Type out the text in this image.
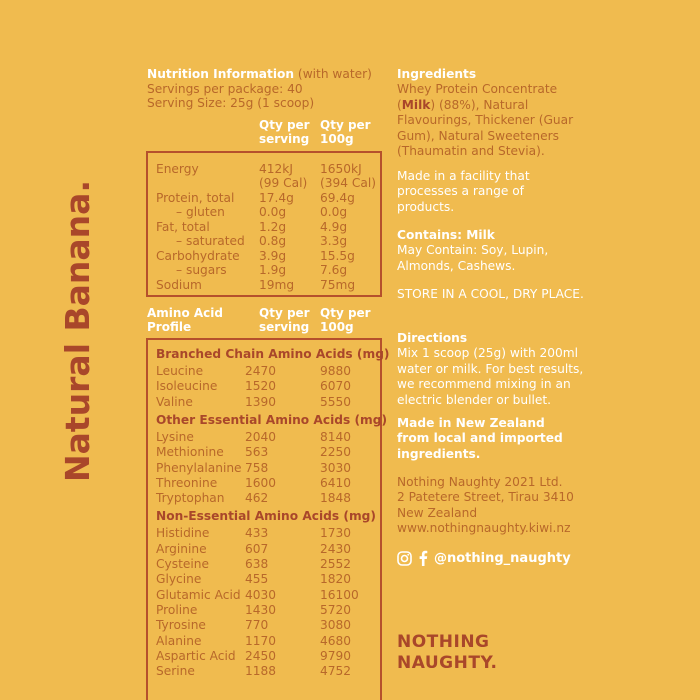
Natural Banana.
Nutrition Information (with water)
Servings per package: 40
Serving Size: 25g (1 scoop)
Qty per
serving
Qty per
100g
Energy	412kJ 1650kJ
(99 Cal) (394 Cal)
Protein, total 17.4g 69.4g
– gluten	0.0g	0.0g
Fat, total	1.2g	4.9g
– saturated 0.8g	3.3g
Carbohydrate 3.9g	15.5g
– sugars	1.9g	7.6g
Sodium	19mg 75mg
Amino Acid
Profile
Qty per
serving
Qty per
100g
Branched Chain Amino Acids (mg)
Leucine	2470	9880
Isoleucine 1520	6070
Valine	1390	5550
Other Essential Amino Acids (mg)
Lysine	2040	8140
Methionine 563	2250
Phenylalanine 758	3030
Threonine 1600	6410
Tryptophan 462	1848
Non-Essential Amino Acids (mg)
Histidine	433	1730
Arginine	607	2430
Cysteine	638	2552
Glycine	455	1820
Glutamic Acid 4030	16100
Proline	1430	5720
Tyrosine	770	3080
Alanine	1170	4680
Aspartic Acid 2450	9790
Serine	1188	4752
Ingredients
Whey Protein Concentrate
(Milk) (88%), Natural
Flavourings, Thickener (Guar
Gum), Natural Sweeteners
(Thaumatin and Stevia).
Made in a facility that
processes a range of
products.
Contains: Milk
May Contain: Soy, Lupin,
Almonds, Cashews.
STORE IN A COOL, DRY PLACE.
Directions
Mix 1 scoop (25g) with 200ml
water or milk. For best results,
we recommend mixing in an
electric blender or bullet.
Made in New Zealand
from local and imported
ingredients.
Nothing Naughty 2021 Ltd.
2 Patetere Street, Tirau 3410
New Zealand
www.nothingnaughty.kiwi.nz
@nothing_naughty
NOTHING
NAUGHTY.
